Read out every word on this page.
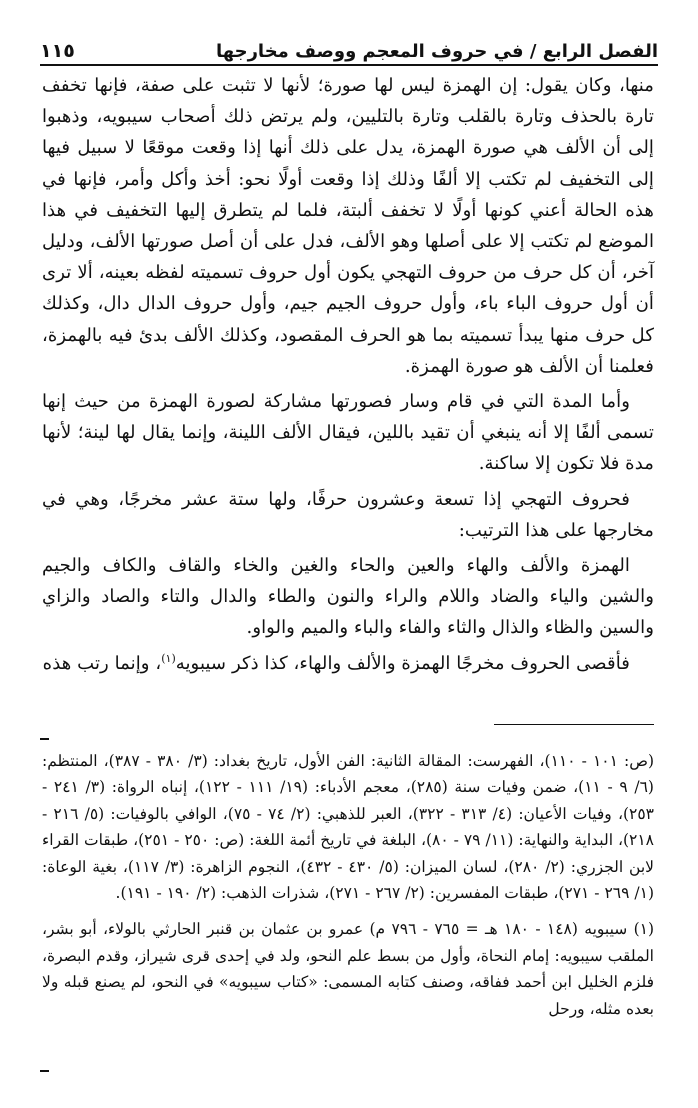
الفصل الرابع / في حروف المعجم ووصف مخارجها
١١٥

منها، وكان يقول: إن الهمزة ليس لها صورة؛ لأنها لا تثبت على صفة، فإنها تخفف تارة بالحذف وتارة بالقلب وتارة بالتليين، ولم يرتض ذلك أصحاب سيبويه، وذهبوا إلى أن الألف هي صورة الهمزة، يدل على ذلك أنها إذا وقعت موقعًا لا سبيل فيها إلى التخفيف لم تكتب إلا ألفًا وذلك إذا وقعت أولًا نحو: أخذ وأكل وأمر، فإنها في هذه الحالة أعني كونها أولًا لا تخفف ألبتة، فلما لم يتطرق إليها التخفيف في هذا الموضع لم تكتب إلا على أصلها وهو الألف، فدل على أن أصل صورتها الألف، ودليل آخر، أن كل حرف من حروف التهجي يكون أول حروف تسميته لفظه بعينه، ألا ترى أن أول حروف الباء باء، وأول حروف الجيم جيم، وأول حروف الدال دال، وكذلك كل حرف منها يبدأ تسميته بما هو الحرف المقصود، وكذلك الألف بدئ فيه بالهمزة، فعلمنا أن الألف هو صورة الهمزة.

وأما المدة التي في قام وسار فصورتها مشاركة لصورة الهمزة من حيث إنها تسمى ألفًا إلا أنه ينبغي أن تقيد باللين، فيقال الألف اللينة، وإنما يقال لها لينة؛ لأنها مدة فلا تكون إلا ساكنة.

فحروف التهجي إذا تسعة وعشرون حرفًا، ولها ستة عشر مخرجًا، وهي في مخارجها على هذا الترتيب:

الهمزة والألف والهاء والعين والحاء والغين والخاء والقاف والكاف والجيم والشين والياء والضاد واللام والراء والنون والطاء والدال والتاء والصاد والزاي والسين والظاء والذال والثاء والفاء والباء والميم والواو.

فأقصى الحروف مخرجًا الهمزة والألف والهاء، كذا ذكر سيبويه$^{(١)}$، وإنما رتب هذه

(ص: ١٠١ - ١١٠)، الفهرست: المقالة الثانية: الفن الأول، تاريخ بغداد: (٣/ ٣٨٠ - ٣٨٧)، المنتظم: (٦/ ٩ - ١١)، ضمن وفيات سنة (٢٨٥)، معجم الأدباء: (١٩/ ١١١ - ١٢٢)، إنباه الرواة: (٣/ ٢٤١ - ٢٥٣)، وفيات الأعيان: (٤/ ٣١٣ - ٣٢٢)، العبر للذهبي: (٢/ ٧٤ - ٧٥)، الوافي بالوفيات: (٥/ ٢١٦ - ٢١٨)، البداية والنهاية: (١١/ ٧٩ - ٨٠)، البلغة في تاريخ أئمة اللغة: (ص: ٢٥٠ - ٢٥١)، طبقات القراء لابن الجزري: (٢/ ٢٨٠)، لسان الميزان: (٥/ ٤٣٠ - ٤٣٢)، النجوم الزاهرة: (٣/ ١١٧)، بغية الوعاة: (١/ ٢٦٩ - ٢٧١)، طبقات المفسرين: (٢/ ٢٦٧ - ٢٧١)، شذرات الذهب: (٢/ ١٩٠ - ١٩١).

(١) سيبويه (١٤٨ - ١٨٠ هـ = ٧٦٥ - ٧٩٦ م) عمرو بن عثمان بن قنبر الحارثي بالولاء، أبو بشر، الملقب سيبويه: إمام النحاة، وأول من بسط علم النحو، ولد في إحدى قرى شيراز، وقدم البصرة، فلزم الخليل ابن أحمد ففاقه، وصنف كتابه المسمى: «كتاب سيبويه» في النحو، لم يصنع قبله ولا بعده مثله، ورحل
